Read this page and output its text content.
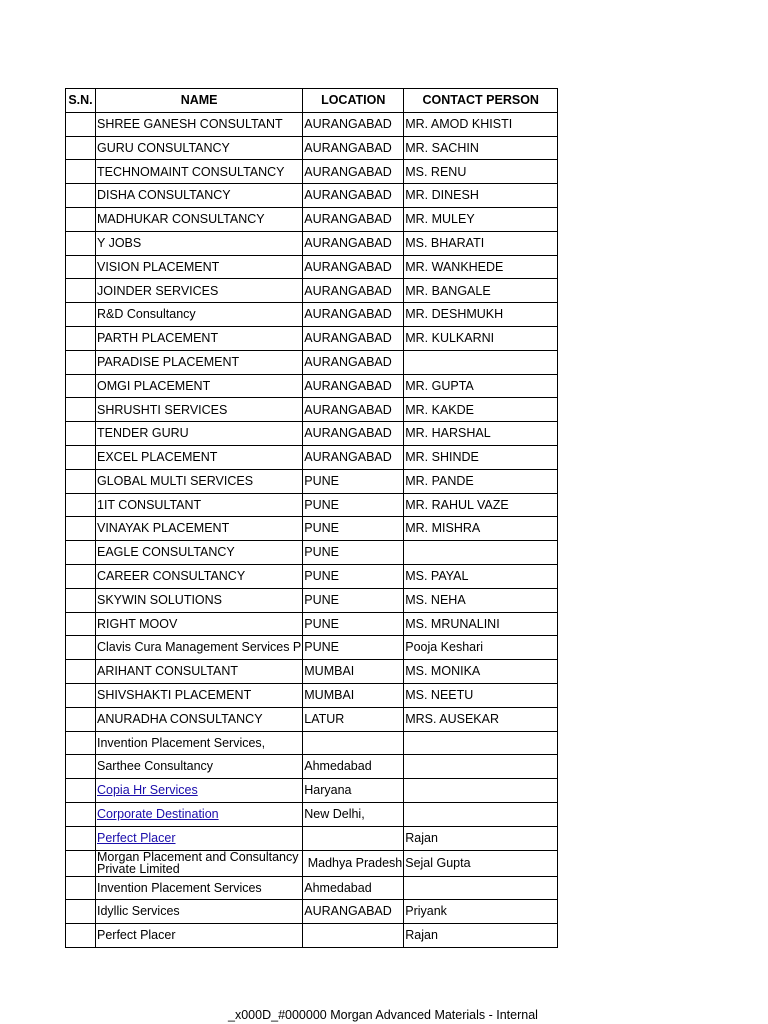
S.N.	NAME	LOCATION	CONTACT PERSON
	SHREE GANESH CONSULTANT	AURANGABAD	MR. AMOD KHISTI
	GURU CONSULTANCY	AURANGABAD	MR. SACHIN
	TECHNOMAINT CONSULTANCY	AURANGABAD	MS. RENU
	DISHA CONSULTANCY	AURANGABAD	MR. DINESH
	MADHUKAR CONSULTANCY	AURANGABAD	MR. MULEY
	Y JOBS	AURANGABAD	MS. BHARATI
	VISION PLACEMENT	AURANGABAD	MR. WANKHEDE
	JOINDER SERVICES	AURANGABAD	MR. BANGALE
	R&D Consultancy	AURANGABAD	MR. DESHMUKH
	PARTH PLACEMENT	AURANGABAD	MR. KULKARNI
	PARADISE PLACEMENT	AURANGABAD	
	OMGI PLACEMENT	AURANGABAD	MR. GUPTA
	SHRUSHTI SERVICES	AURANGABAD	MR. KAKDE
	TENDER GURU	AURANGABAD	MR. HARSHAL
	EXCEL PLACEMENT	AURANGABAD	MR. SHINDE
	GLOBAL MULTI SERVICES	PUNE	MR. PANDE
	1IT CONSULTANT	PUNE	MR. RAHUL VAZE
	VINAYAK PLACEMENT	PUNE	MR. MISHRA
	EAGLE CONSULTANCY	PUNE	
	CAREER CONSULTANCY	PUNE	MS. PAYAL
	SKYWIN SOLUTIONS	PUNE	MS. NEHA
	RIGHT MOOV	PUNE	MS. MRUNALINI
	Clavis Cura Management Services P	PUNE	Pooja Keshari
	ARIHANT CONSULTANT	MUMBAI	MS. MONIKA
	SHIVSHAKTI PLACEMENT	MUMBAI	MS. NEETU
	ANURADHA CONSULTANCY	LATUR	MRS. AUSEKAR
	Invention Placement Services,		
	Sarthee Consultancy	Ahmedabad	
	Copia Hr Services	Haryana	
	Corporate Destination	New Delhi,	
	Perfect Placer		Rajan
	Morgan Placement and Consultancy Private Limited	Madhya Pradesh	Sejal Gupta
	Invention Placement Services	Ahmedabad	
	Idyllic Services	AURANGABAD	Priyank
	Perfect Placer		Rajan
_x000D_#000000 Morgan Advanced Materials - Internal
